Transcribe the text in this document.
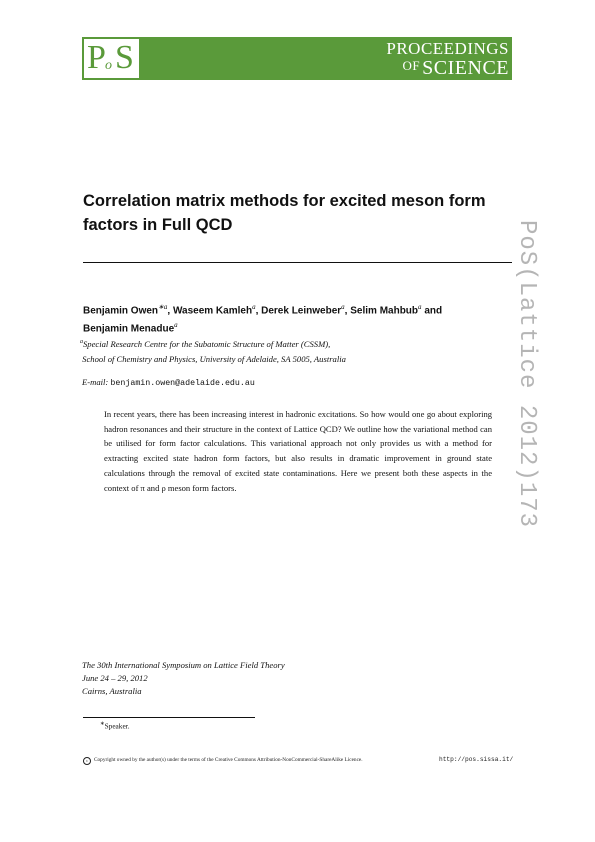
P o S	PROCEEDINGS
$^{OF}$ SCIENCE
Correlation matrix methods for excited meson form factors in Full QCD
Benjamin Owen$^{∗a}$, Waseem Kamleh$^a$, Derek Leinweber$^a$, Selim Mahbub$^a$ and
Benjamin Menadue$^a$
$^a$Special Research Centre for the Subatomic Structure of Matter (CSSM),
School of Chemistry and Physics, University of Adelaide, SA 5005, Australia
E-mail: benjamin.owen@adelaide.edu.au
In recent years, there has been increasing interest in hadronic excitations. So how would one go about exploring hadron resonances and their structure in the context of Lattice QCD? We outline how the variational method can be utilised for form factor calculations. This variational approach not only provides us with a method for extracting excited state hadron form factors, but also results in dramatic improvement in ground state calculations through the removal of excited state contaminations. Here we present both these aspects in the context of π and ρ meson form factors.
The 30th International Symposium on Lattice Field Theory
June 24 – 29, 2012
Cairns, Australia
∗Speaker.
c Copyright owned by the author(s) under the terms of the Creative Commons Attribution-NonCommercial-ShareAlike Licence.	http://pos.sissa.it/
PoS(Lattice 2012)173
